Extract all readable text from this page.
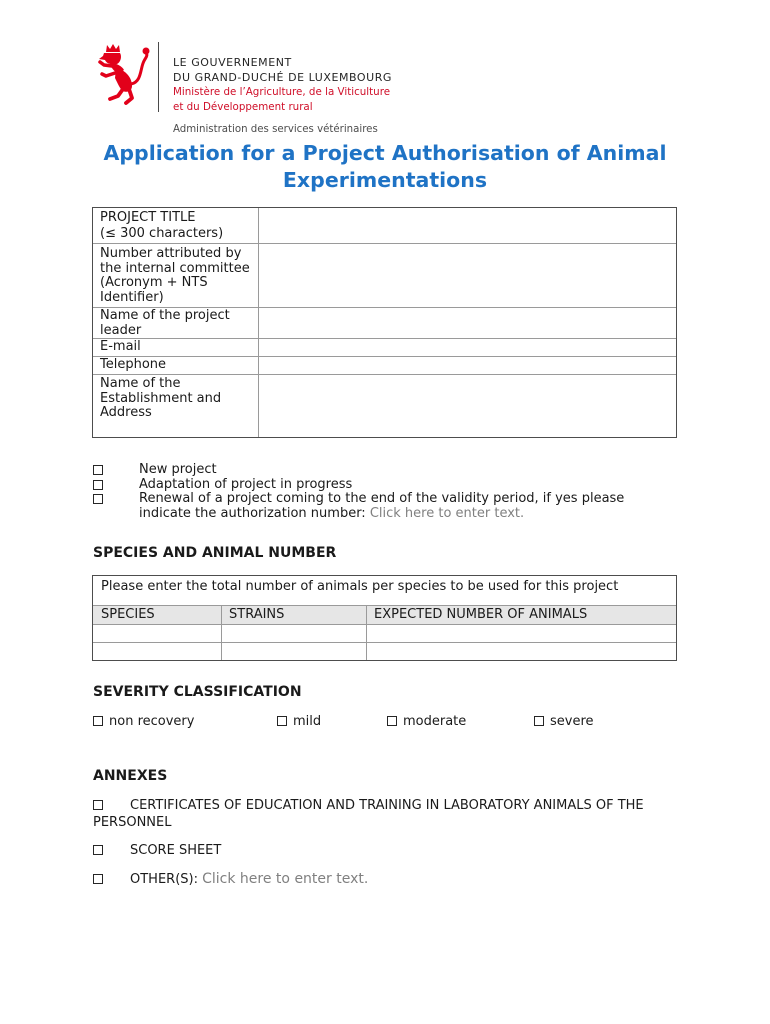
LE GOUVERNEMENT
DU GRAND-DUCHÉ DE LUXEMBOURG
Ministère de l’Agriculture, de la Viticulture
et du Développement rural
Administration des services vétérinaires
Application for a Project Authorisation of Animal Experimentations
PROJECT TITLE
(≤ 300 characters)
Number attributed by the internal committee (Acronym + NTS Identifier)
Name of the project leader
E-mail
Telephone
Name of the Establishment and Address
New project
Adaptation of project in progress
Renewal of a project coming to the end of the validity period, if yes please indicate the authorization number: Click here to enter text.
SPECIES AND ANIMAL NUMBER
Please enter the total number of animals per species to be used for this project
SPECIES	STRAINS	EXPECTED NUMBER OF ANIMALS
SEVERITY CLASSIFICATION
non recovery	mild	moderate	severe
ANNEXES
CERTIFICATES OF EDUCATION AND TRAINING IN LABORATORY ANIMALS OF THE PERSONNEL
SCORE SHEET
OTHER(S): Click here to enter text.
